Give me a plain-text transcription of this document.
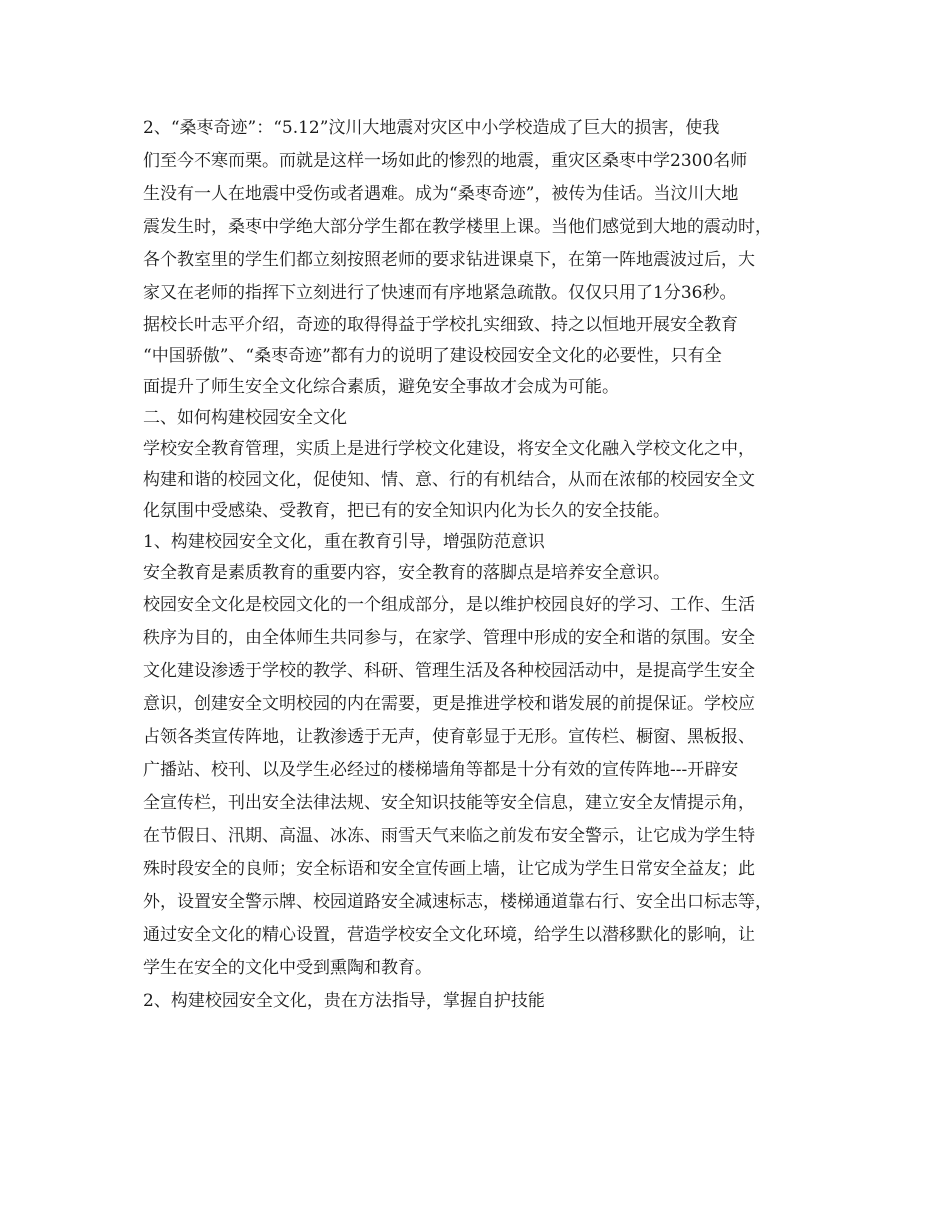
2、“桑枣奇迹”：“5.12”汶川大地震对灾区中小学校造成了巨大的损害，使我
们至今不寒而栗。而就是这样一场如此的惨烈的地震，重灾区桑枣中学2300名师
生没有一人在地震中受伤或者遇难。成为“桑枣奇迹”，被传为佳话。当汶川大地
震发生时，桑枣中学绝大部分学生都在教学楼里上课。当他们感觉到大地的震动时，
各个教室里的学生们都立刻按照老师的要求钻进课桌下，在第一阵地震波过后，大
家又在老师的指挥下立刻进行了快速而有序地紧急疏散。仅仅只用了1分36秒。
据校长叶志平介绍，奇迹的取得得益于学校扎实细致、持之以恒地开展安全教育
“中国骄傲”、“桑枣奇迹”都有力的说明了建设校园安全文化的必要性，只有全
面提升了师生安全文化综合素质，避免安全事故才会成为可能。
二、如何构建校园安全文化
学校安全教育管理，实质上是进行学校文化建设，将安全文化融入学校文化之中，
构建和谐的校园文化，促使知、情、意、行的有机结合，从而在浓郁的校园安全文
化氛围中受感染、受教育，把已有的安全知识内化为长久的安全技能。
1、构建校园安全文化，重在教育引导，增强防范意识
安全教育是素质教育的重要内容，安全教育的落脚点是培养安全意识。
校园安全文化是校园文化的一个组成部分，是以维护校园良好的学习、工作、生活
秩序为目的，由全体师生共同参与，在家学、管理中形成的安全和谐的氛围。安全
文化建设渗透于学校的教学、科研、管理生活及各种校园活动中，是提高学生安全
意识，创建安全文明校园的内在需要，更是推进学校和谐发展的前提保证。学校应
占领各类宣传阵地，让教渗透于无声，使育彰显于无形。宣传栏、橱窗、黑板报、
广播站、校刊、以及学生必经过的楼梯墙角等都是十分有效的宣传阵地---开辟安
全宣传栏，刊出安全法律法规、安全知识技能等安全信息，建立安全友情提示角，
在节假日、汛期、高温、冰冻、雨雪天气来临之前发布安全警示，让它成为学生特
殊时段安全的良师；安全标语和安全宣传画上墙，让它成为学生日常安全益友；此
外，设置安全警示牌、校园道路安全减速标志，楼梯通道靠右行、安全出口标志等，
通过安全文化的精心设置，营造学校安全文化环境，给学生以潜移默化的影响，让
学生在安全的文化中受到熏陶和教育。
2、构建校园安全文化，贵在方法指导，掌握自护技能
